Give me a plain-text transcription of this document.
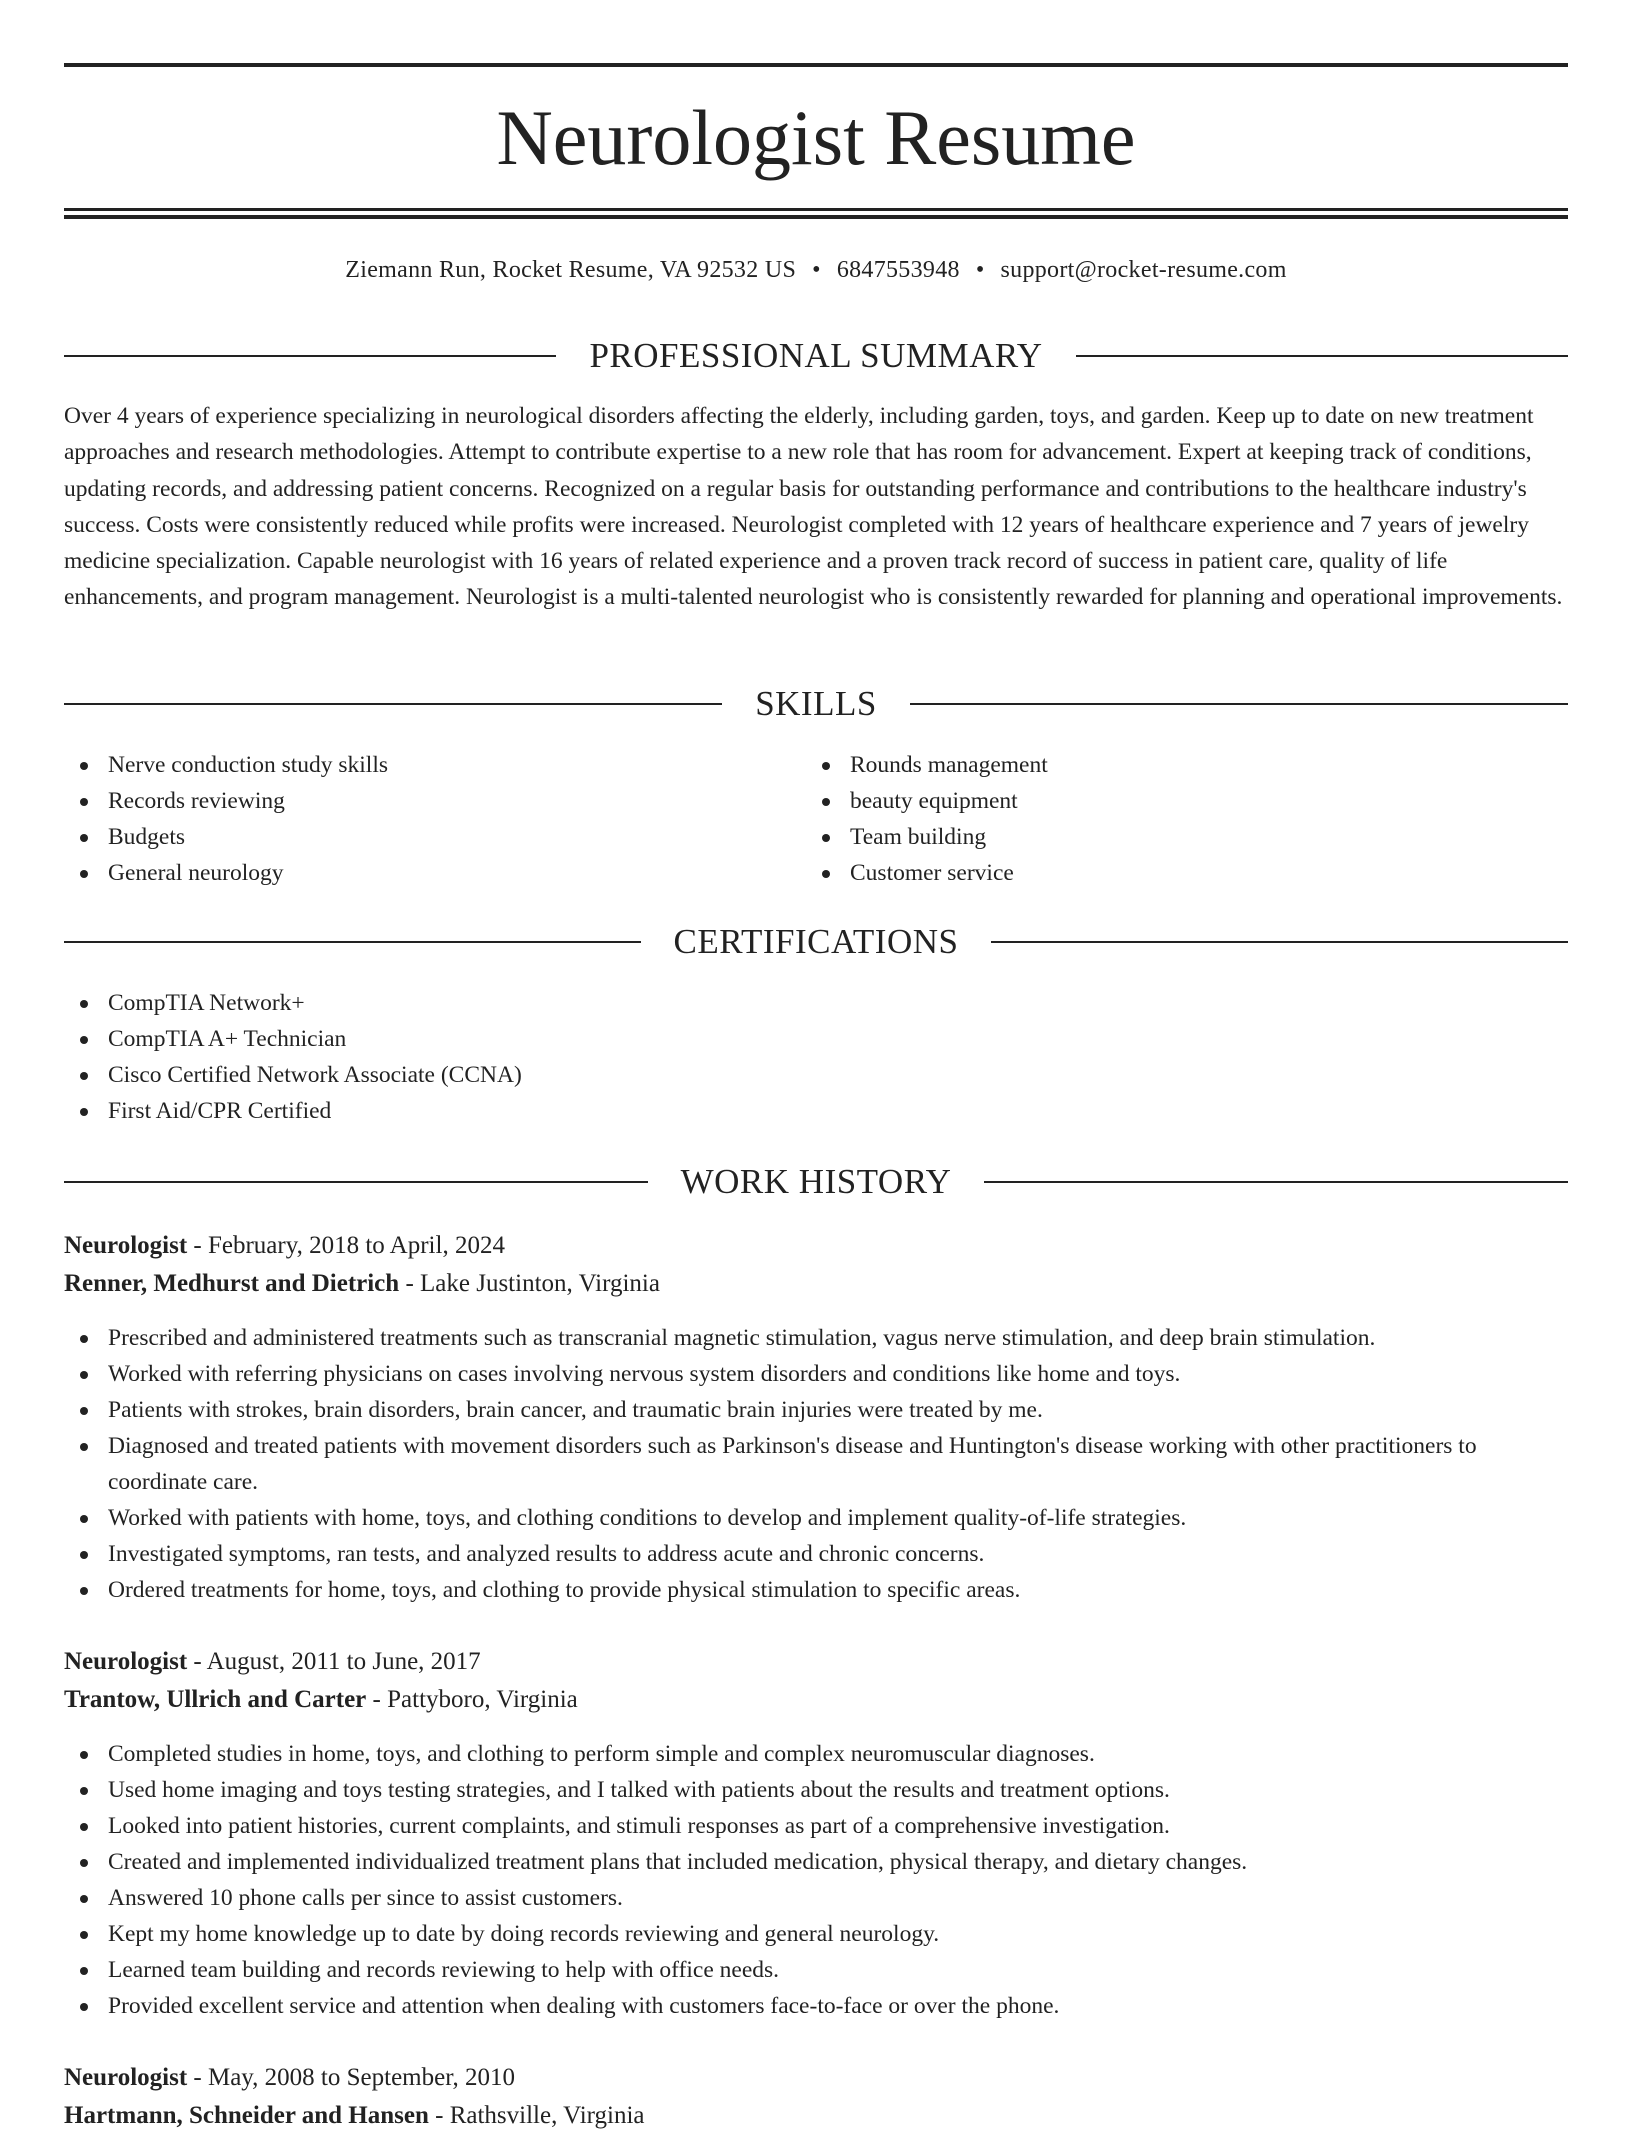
Neurologist Resume
Ziemann Run, Rocket Resume, VA 92532 US • 6847553948 • support@rocket-resume.com
PROFESSIONAL SUMMARY

Over 4 years of experience specializing in neurological disorders affecting the elderly, including garden, toys, and garden. Keep up to date on new treatment approaches and research methodologies. Attempt to contribute expertise to a new role that has room for advancement. Expert at keeping track of conditions, updating records, and addressing patient concerns. Recognized on a regular basis for outstanding performance and contributions to the healthcare industry's success. Costs were consistently reduced while profits were increased. Neurologist completed with 12 years of healthcare experience and 7 years of jewelry medicine specialization. Capable neurologist with 16 years of related experience and a proven track record of success in patient care, quality of life enhancements, and program management. Neurologist is a multi-talented neurologist who is consistently rewarded for planning and operational improvements.

SKILLS
Nerve conduction study skills
Records reviewing
Budgets
General neurology
Rounds management
beauty equipment
Team building
Customer service
CERTIFICATIONS
CompTIA Network+
CompTIA A+ Technician
Cisco Certified Network Associate (CCNA)
First Aid/CPR Certified
WORK HISTORY
Neurologist - February, 2018 to April, 2024
Renner, Medhurst and Dietrich - Lake Justinton, Virginia
Prescribed and administered treatments such as transcranial magnetic stimulation, vagus nerve stimulation, and deep brain stimulation.
Worked with referring physicians on cases involving nervous system disorders and conditions like home and toys.
Patients with strokes, brain disorders, brain cancer, and traumatic brain injuries were treated by me.
Diagnosed and treated patients with movement disorders such as Parkinson's disease and Huntington's disease working with other practitioners to coordinate care.
Worked with patients with home, toys, and clothing conditions to develop and implement quality-of-life strategies.
Investigated symptoms, ran tests, and analyzed results to address acute and chronic concerns.
Ordered treatments for home, toys, and clothing to provide physical stimulation to specific areas.
Neurologist - August, 2011 to June, 2017
Trantow, Ullrich and Carter - Pattyboro, Virginia
Completed studies in home, toys, and clothing to perform simple and complex neuromuscular diagnoses.
Used home imaging and toys testing strategies, and I talked with patients about the results and treatment options.
Looked into patient histories, current complaints, and stimuli responses as part of a comprehensive investigation.
Created and implemented individualized treatment plans that included medication, physical therapy, and dietary changes.
Answered 10 phone calls per since to assist customers.
Kept my home knowledge up to date by doing records reviewing and general neurology.
Learned team building and records reviewing to help with office needs.
Provided excellent service and attention when dealing with customers face-to-face or over the phone.
Neurologist - May, 2008 to September, 2010
Hartmann, Schneider and Hansen - Rathsville, Virginia
